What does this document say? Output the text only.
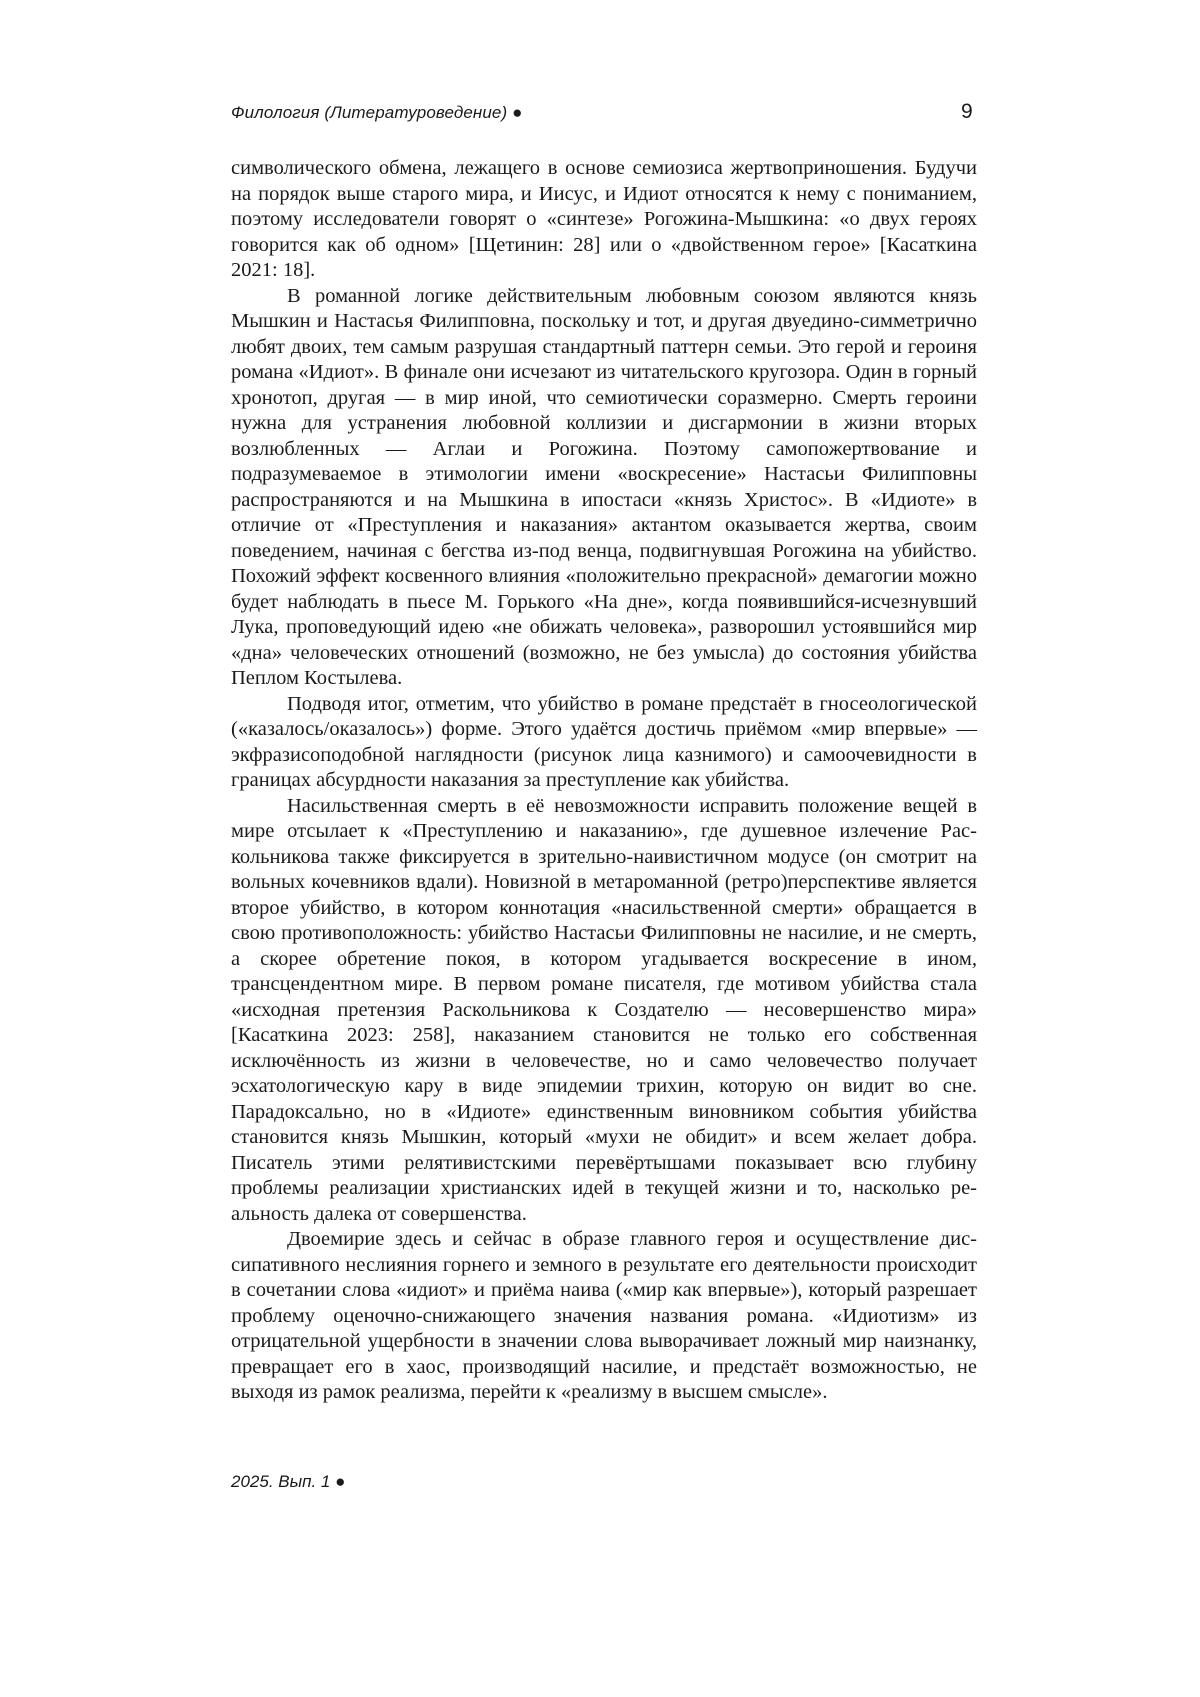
Филология (Литературоведение) ●	9

символического обмена, лежащего в основе семиозиса жертвоприношения. Будучи на порядок выше старого мира, и Иисус, и Идиот относятся к нему с пониманием, поэтому исследователи говорят о «синтезе» Рогожина-Мышкина: «о двух героях говорится как об одном» [Щетинин: 28] или о «двойственном герое» [Касаткина 2021: 18].

В романной логике действительным любовным союзом являются князь Мышкин и Настасья Филипповна, поскольку и тот, и другая двуедино-симметрично любят двоих, тем самым разрушая стандартный паттерн семьи. Это герой и героиня романа «Идиот». В финале они исчезают из читательского кругозора. Один в горный хронотоп, другая — в мир иной, что семиотически соразмерно. Смерть героини нужна для устранения любовной коллизии и дисгармонии в жизни вторых возлюбленных — Аглаи и Рогожина. Поэтому самопожертвование и подразумеваемое в этимологии имени «воскресение» Настасьи Филипповны распространяются и на Мышкина в ипостаси «князь Христос». В «Идиоте» в отличие от «Преступления и наказания» актантом оказывается жертва, своим поведением, начиная с бегства из-под венца, подвигнувшая Рогожина на убийство. Похожий эффект косвенного влияния «положительно прекрасной» демагогии можно будет наблюдать в пьесе М. Горького «На дне», когда появившийся-исчезнувший Лука, проповедующий идею «не обижать человека», разворошил устоявшийся мир «дна» человеческих отношений (возможно, не без умысла) до состояния убийства Пеплом Костылева.

Подводя итог, отметим, что убийство в романе предстаёт в гносеологической («казалось/оказалось») форме. Этого удаётся достичь приёмом «мир впервые» — экфразисоподобной наглядности (рисунок лица казнимого) и самоочевидности в границах абсурдности наказания за преступление как убийства.

Насильственная смерть в её невозможности исправить положение вещей в мире отсылает к «Преступлению и наказанию», где душевное излечение Раскольникова также фиксируется в зрительно-наивистичном модусе (он смотрит на вольных кочевников вдали). Новизной в метароманной (ретро)перспективе является второе убийство, в котором коннотация «насильственной смерти» обращается в свою противоположность: убийство Настасьи Филипповны не насилие, и не смерть, а скорее обретение покоя, в котором угадывается воскресение в ином, трансцендентном мире. В первом романе писателя, где мотивом убийства стала «исходная претензия Раскольникова к Создателю — несовершенство мира» [Касаткина 2023: 258], наказанием становится не только его собственная исключённость из жизни в человечестве, но и само человечество получает эсхатологическую кару в виде эпидемии трихин, которую он видит во сне. Парадоксально, но в «Идиоте» единственным виновником события убийства становится князь Мышкин, который «мухи не обидит» и всем желает добра. Писатель этими релятивистскими перевёртышами показывает всю глубину проблемы реализации христианских идей в текущей жизни и то, насколько реальность далека от совершенства.

Двоемирие здесь и сейчас в образе главного героя и осуществление диссипативного неслияния горнего и земного в результате его деятельности происходит в сочетании слова «идиот» и приёма наива («мир как впервые»), который разрешает проблему оценочно-снижающего значения названия романа. «Идиотизм» из отрицательной ущербности в значении слова выворачивает ложный мир наизнанку, превращает его в хаос, производящий насилие, и предстаёт возможностью, не выходя из рамок реализма, перейти к «реализму в высшем смысле».

2025. Вып. 1 ●
